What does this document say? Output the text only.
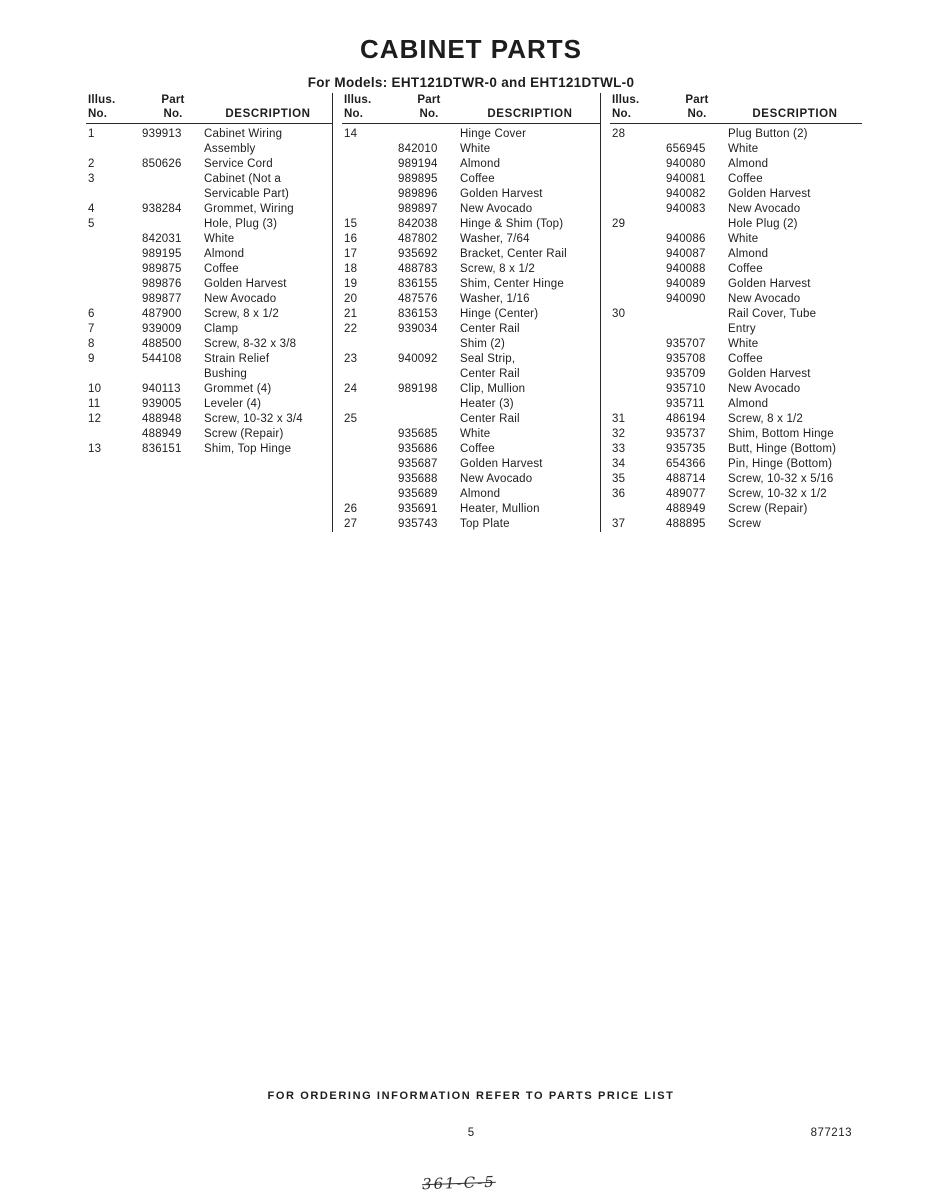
CABINET PARTS
For Models: EHT121DTWR-0 and EHT121DTWL-0
Illus.	Part
No.	No.	DESCRIPTION
1	939913	Cabinet Wiring
Assembly
2	850626	Service Cord
3	Cabinet (Not a
Servicable Part)
4	938284	Grommet, Wiring
5	Hole, Plug (3)
842031	White
989195	Almond
989875	Coffee
989876	Golden Harvest
989877	New Avocado
6	487900	Screw, 8 x 1/2
7	939009	Clamp
8	488500	Screw, 8-32 x 3/8
9	544108	Strain Relief
Bushing
10	940113	Grommet (4)
11	939005	Leveler (4)
12	488948	Screw, 10-32 x 3/4
488949	Screw (Repair)
13	836151	Shim, Top Hinge
Illus.	Part
No.	No.	DESCRIPTION
14	Hinge Cover
842010	White
989194	Almond
989895	Coffee
989896	Golden Harvest
989897	New Avocado
15	842038	Hinge & Shim (Top)
16	487802	Washer, 7/64
17	935692	Bracket, Center Rail
18	488783	Screw, 8 x 1/2
19	836155	Shim, Center Hinge
20	487576	Washer, 1/16
21	836153	Hinge (Center)
22	939034	Center Rail
Shim (2)
23	940092	Seal Strip,
Center Rail
24	989198	Clip, Mullion
Heater (3)
25	Center Rail
935685	White
935686	Coffee
935687	Golden Harvest
935688	New Avocado
935689	Almond
26	935691	Heater, Mullion
27	935743	Top Plate
Illus.	Part
No.	No.	DESCRIPTION
28	Plug Button (2)
656945	White
940080	Almond
940081	Coffee
940082	Golden Harvest
940083	New Avocado
29	Hole Plug (2)
940086	White
940087	Almond
940088	Coffee
940089	Golden Harvest
940090	New Avocado
30	Rail Cover, Tube
Entry
935707	White
935708	Coffee
935709	Golden Harvest
935710	New Avocado
935711	Almond
31	486194	Screw, 8 x 1/2
32	935737	Shim, Bottom Hinge
33	935735	Butt, Hinge (Bottom)
34	654366	Pin, Hinge (Bottom)
35	488714	Screw, 10-32 x 5/16
36	489077	Screw, 10-32 x 1/2
488949	Screw (Repair)
37	488895	Screw
FOR ORDERING INFORMATION REFER TO PARTS PRICE LIST
5	877213
361-C-5
